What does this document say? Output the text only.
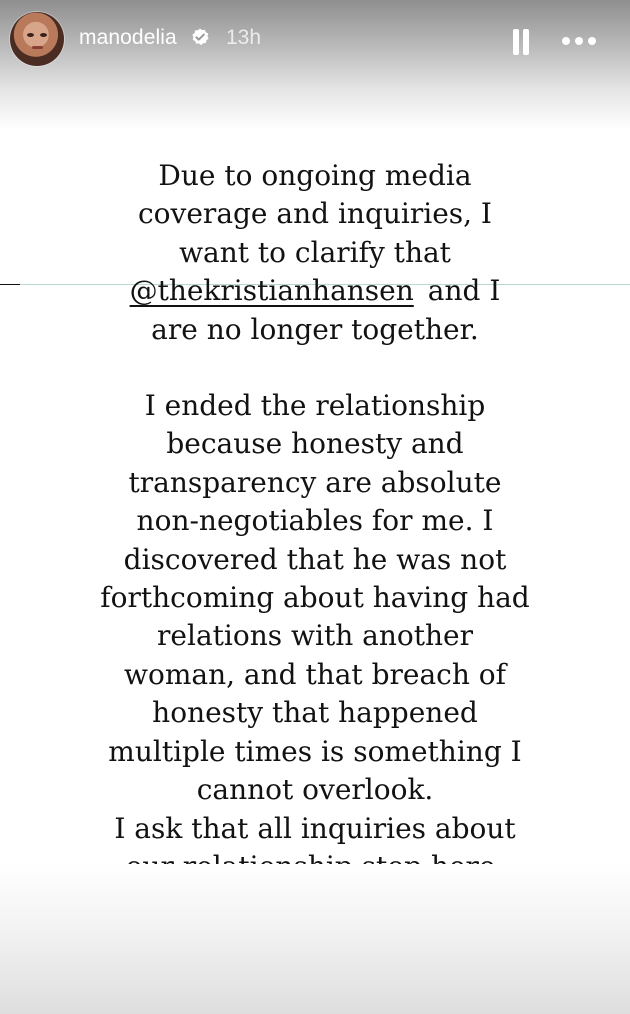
manodelia 13h

Due to ongoing media
coverage and inquiries, I
want to clarify that
@thekristianhansen and I
are no longer together.

I ended the relationship because honesty and transparency are absolute non-negotiables for me. I discovered that he was not forthcoming about having had relations with another woman, and that breach of honesty that happened multiple times is something I cannot overlook.

I ask that all inquiries about
